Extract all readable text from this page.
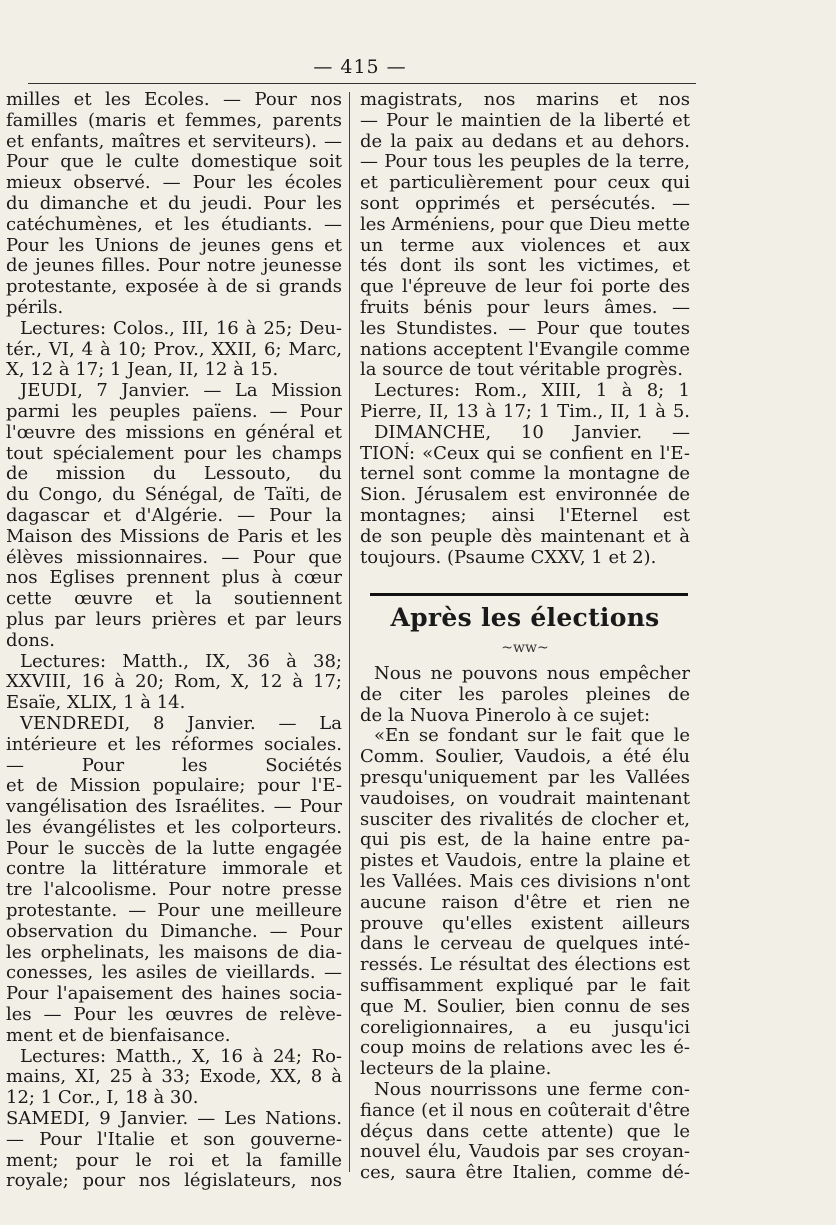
— 415 —
milles et les Ecoles. — Pour nos
familles (maris et femmes, parents
et enfants, maîtres et serviteurs). —
Pour que le culte domestique soit
mieux observé. — Pour les écoles
du dimanche et du jeudi. Pour les
catéchumènes, et les étudiants. —
Pour les Unions de jeunes gens et
de jeunes filles. Pour notre jeunesse
protestante, exposée à de si grands
périls.
Lectures: Colos., III, 16 à 25; Deu-
tér., VI, 4 à 10; Prov., XXII, 6; Marc,
X, 12 à 17; 1 Jean, II, 12 à 15.
JEUDI, 7 Janvier. — La Mission
parmi les peuples païens. — Pour
l'œuvre des missions en général et
tout spécialement pour les champs
de mission du Lessouto, du
du Congo, du Sénégal, de Taïti, de
dagascar et d'Algérie. — Pour la
Maison des Missions de Paris et les
élèves missionnaires. — Pour que
nos Eglises prennent plus à cœur
cette œuvre et la soutiennent
plus par leurs prières et par leurs
dons.
Lectures: Matth., IX, 36 à 38;
XXVIII, 16 à 20; Rom, X, 12 à 17;
Esaïe, XLIX, 1 à 14.
VENDREDI, 8 Janvier. — La
intérieure et les réformes sociales.
— Pour les Sociétés
et de Mission populaire; pour l'E-
vangélisation des Israélites. — Pour
les évangélistes et les colporteurs.
Pour le succès de la lutte engagée
contre la littérature immorale et
tre l'alcoolisme. Pour notre presse
protestante. — Pour une meilleure
observation du Dimanche. — Pour
les orphelinats, les maisons de dia-
conesses, les asiles de vieillards. —
Pour l'apaisement des haines socia-
les — Pour les œuvres de relève-
ment et de bienfaisance.
Lectures: Matth., X, 16 à 24; Ro-
mains, XI, 25 à 33; Exode, XX, 8 à
12; 1 Cor., I, 18 à 30.
SAMEDI, 9 Janvier. — Les Nations.
— Pour l'Italie et son gouverne-
ment; pour le roi et la famille
royale; pour nos législateurs, nos
magistrats, nos marins et nos
— Pour le maintien de la liberté et
de la paix au dedans et au dehors.
— Pour tous les peuples de la terre,
et particulièrement pour ceux qui
sont opprimés et persécutés. —
les Arméniens, pour que Dieu mette
un terme aux violences et aux
tés dont ils sont les victimes, et
que l'épreuve de leur foi porte des
fruits bénis pour leurs âmes. —
les Stundistes. — Pour que toutes
nations acceptent l'Evangile comme
la source de tout véritable progrès.
Lectures: Rom., XIII, 1 à 8; 1
Pierre, II, 13 à 17; 1 Tim., II, 1 à 5.
DIMANCHE, 10 Janvier. —
TION: «Ceux qui se confient en l'E-
ternel sont comme la montagne de
Sion. Jérusalem est environnée de
montagnes; ainsi l'Eternel est
de son peuple dès maintenant et à
toujours. (Psaume CXXV, 1 et 2).
Après les élections
~ww~
Nous ne pouvons nous empêcher
de citer les paroles pleines de
de la Nuova Pinerolo à ce sujet:
«En se fondant sur le fait que le
Comm. Soulier, Vaudois, a été élu
presqu'uniquement par les Vallées
vaudoises, on voudrait maintenant
susciter des rivalités de clocher et,
qui pis est, de la haine entre pa-
pistes et Vaudois, entre la plaine et
les Vallées. Mais ces divisions n'ont
aucune raison d'être et rien ne
prouve qu'elles existent ailleurs
dans le cerveau de quelques inté-
ressés. Le résultat des élections est
suffisamment expliqué par le fait
que M. Soulier, bien connu de ses
coreligionnaires, a eu jusqu'ici
coup moins de relations avec les é-
lecteurs de la plaine.
Nous nourrissons une ferme con-
fiance (et il nous en coûterait d'être
déçus dans cette attente) que le
nouvel élu, Vaudois par ses croyan-
ces, saura être Italien, comme dé-
